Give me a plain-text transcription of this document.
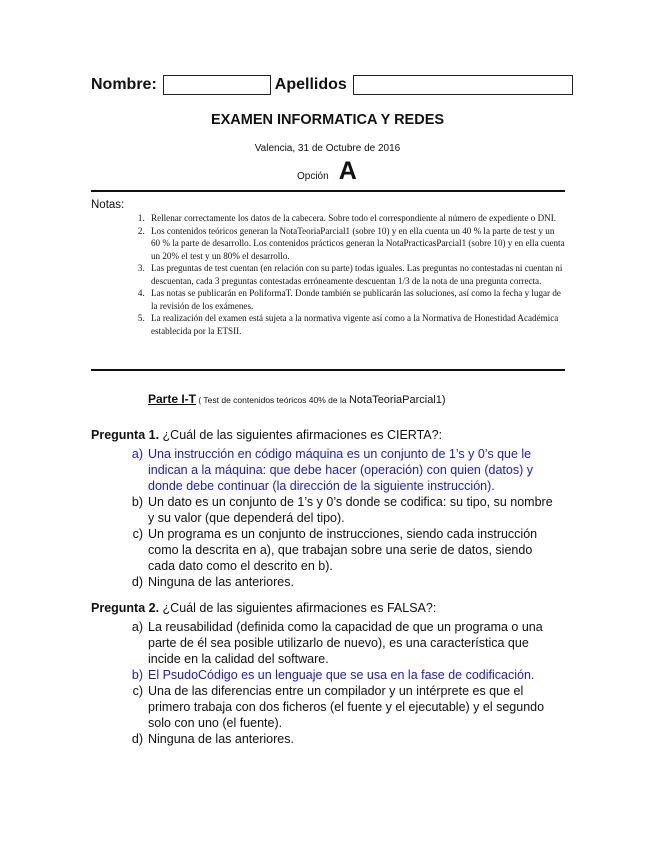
Nombre:	Apellidos
EXAMEN INFORMATICA Y REDES
Valencia, 31 de Octubre de 2016
Opción A
Notas:
1. Rellenar correctamente los datos de la cabecera. Sobre todo el correspondiente al número de expediente o DNI.
2. Los contenidos teóricos generan la NotaTeoriaParcial1 (sobre 10) y en ella cuenta un 40 % la parte de test y un 60 % la parte de desarrollo. Los contenidos prácticos generan la NotaPracticasParcial1 (sobre 10) y en ella cuenta un 20% el test y un 80% el desarrollo.
3. Las preguntas de test cuentan (en relación con su parte) todas iguales. Las preguntas no contestadas ni cuentan ni descuentan, cada 3 preguntas contestadas erróneamente descuentan 1/3 de la nota de una pregunta correcta.
4. Las notas se publicarán en PoliformaT. Donde también se publicarán las soluciones, así como la fecha y lugar de la revisión de los exámenes.
5. La realización del examen está sujeta a la normativa vigente así como a la Normativa de Honestidad Académica establecida por la ETSII.
Parte I-T ( Test de contenidos teóricos 40% de la NotaTeoriaParcial1)
Pregunta 1. ¿Cuál de las siguientes afirmaciones es CIERTA?:
a) Una instrucción en código máquina es un conjunto de 1’s y 0’s que le indican a la máquina: que debe hacer (operación) con quien (datos) y donde debe continuar (la dirección de la siguiente instrucción).
b) Un dato es un conjunto de 1’s y 0’s donde se codifica: su tipo, su nombre y su valor (que dependerá del tipo).
c) Un programa es un conjunto de instrucciones, siendo cada instrucción como la descrita en a), que trabajan sobre una serie de datos, siendo cada dato como el descrito en b).
d) Ninguna de las anteriores.
Pregunta 2. ¿Cuál de las siguientes afirmaciones es FALSA?:
a) La reusabilidad (definida como la capacidad de que un programa o una parte de él sea posible utilizarlo de nuevo), es una característica que incide en la calidad del software.
b) El PsudoCódigo es un lenguaje que se usa en la fase de codificación.
c) Una de las diferencias entre un compilador y un intérprete es que el primero trabaja con dos ficheros (el fuente y el ejecutable) y el segundo solo con uno (el fuente).
d) Ninguna de las anteriores.
